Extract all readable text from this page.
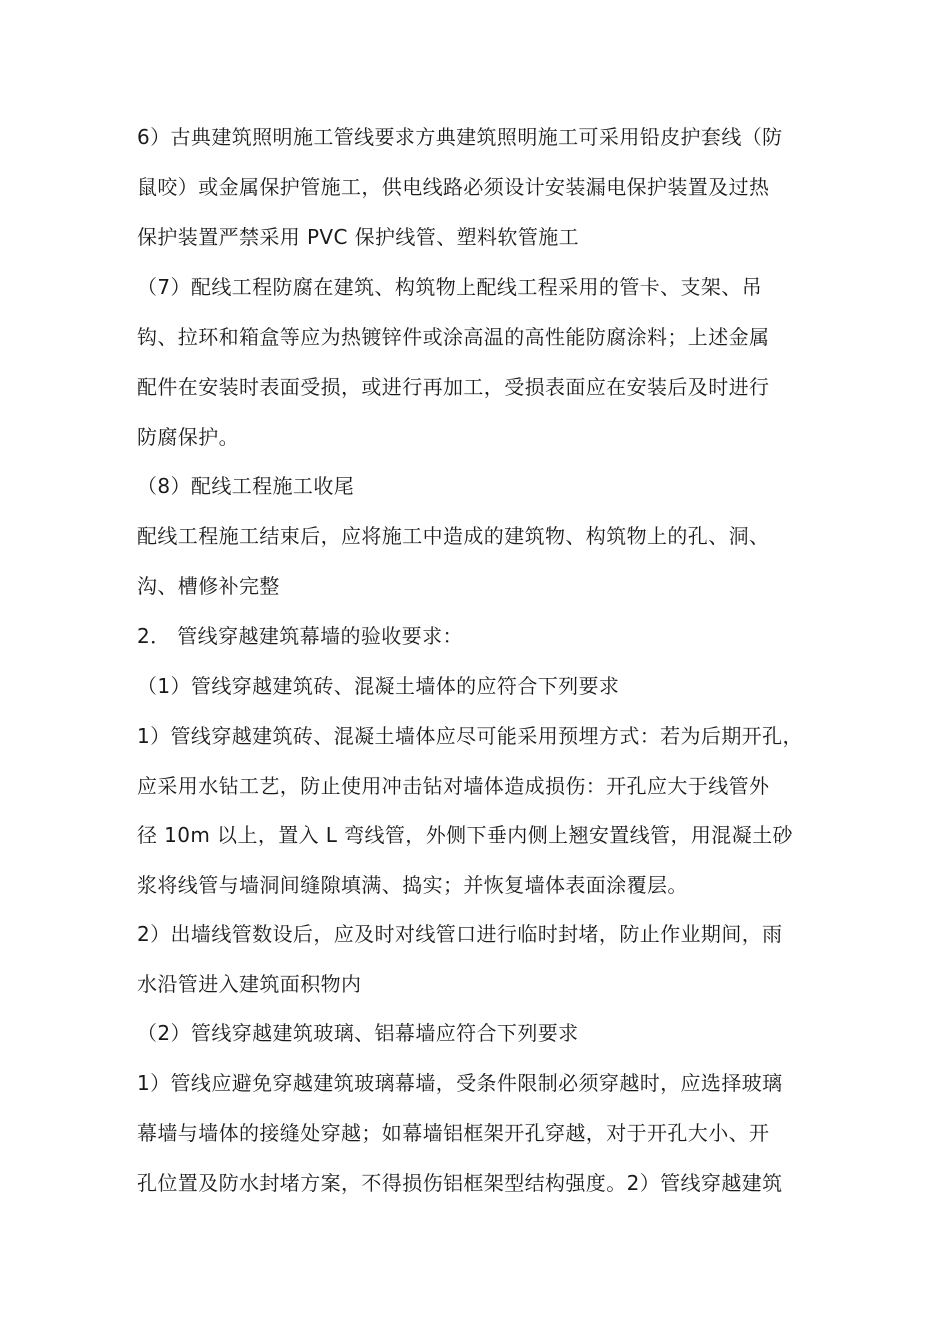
6）古典建筑照明施工管线要求方典建筑照明施工可采用铅皮护套线（防
鼠咬）或金属保护管施工，供电线路必须设计安装漏电保护装置及过热
保护装置严禁采用 PVC 保护线管、塑料软管施工
（7）配线工程防腐在建筑、构筑物上配线工程采用的管卡、支架、吊
钩、拉环和箱盒等应为热镀锌件或涂高温的高性能防腐涂料；上述金属
配件在安装时表面受损，或进行再加工，受损表面应在安装后及时进行
防腐保护。
（8）配线工程施工收尾
配线工程施工结束后，应将施工中造成的建筑物、构筑物上的孔、洞、
沟、槽修补完整
2． 管线穿越建筑幕墙的验收要求：
（1）管线穿越建筑砖、混凝土墙体的应符合下列要求
1）管线穿越建筑砖、混凝土墙体应尽可能采用预埋方式：若为后期开孔，
应采用水钻工艺，防止使用冲击钻对墙体造成损伤：开孔应大于线管外
径 10m 以上，置入 L 弯线管，外侧下垂内侧上翘安置线管，用混凝土砂
浆将线管与墙洞间缝隙填满、捣实；并恢复墙体表面涂覆层。
2）出墙线管数设后，应及时对线管口进行临时封堵，防止作业期间，雨
水沿管进入建筑面积物内
（2）管线穿越建筑玻璃、铝幕墙应符合下列要求
1）管线应避免穿越建筑玻璃幕墙，受条件限制必须穿越时，应选择玻璃
幕墙与墙体的接缝处穿越；如幕墙铝框架开孔穿越，对于开孔大小、开
孔位置及防水封堵方案，不得损伤铝框架型结构强度。2）管线穿越建筑
